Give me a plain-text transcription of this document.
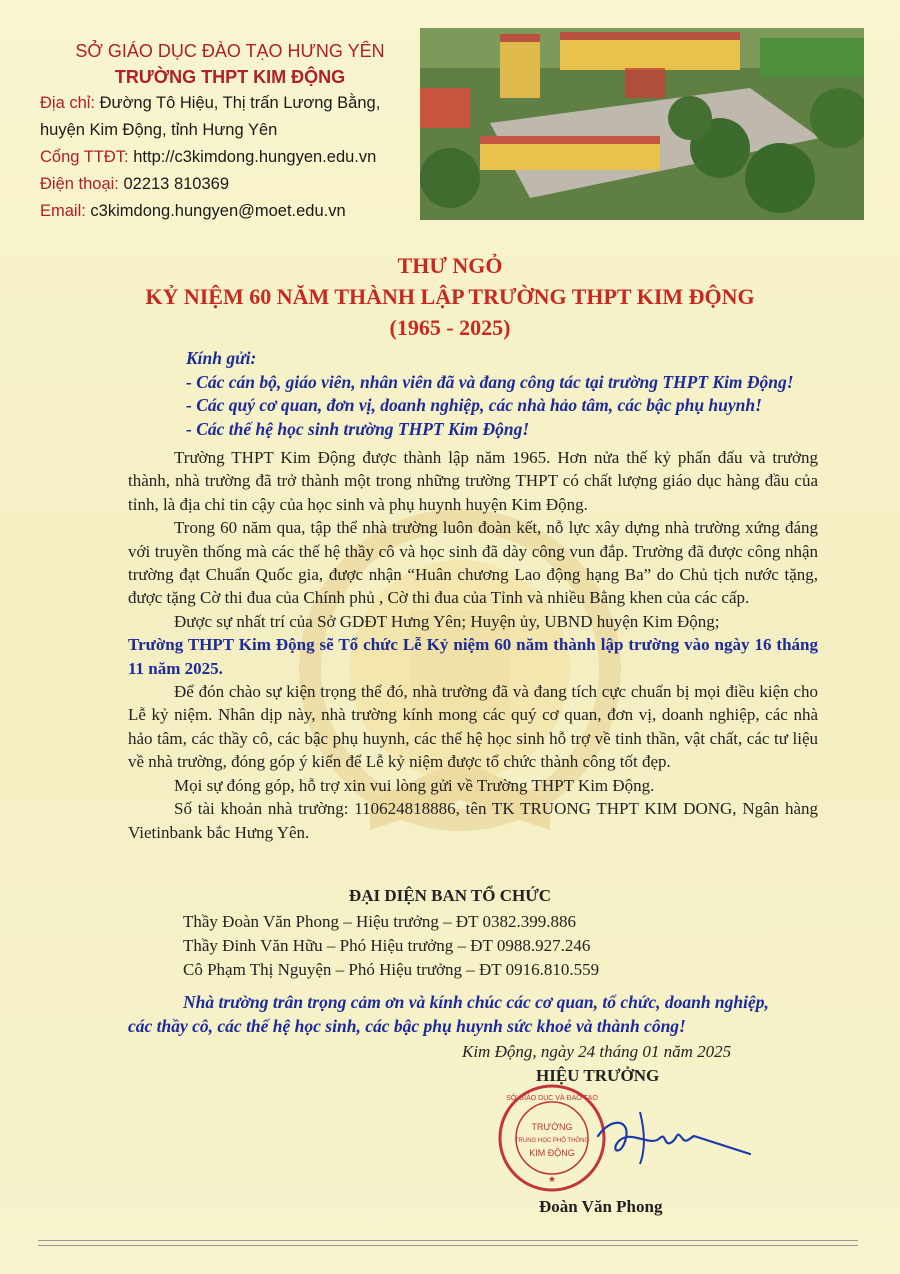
SỞ GIÁO DỤC ĐÀO TẠO HƯNG YÊN
TRƯỜNG THPT KIM ĐỘNG
Địa chỉ: Đường Tô Hiệu, Thị trấn Lương Bằng,
huyện Kim Động, tỉnh Hưng Yên
Cổng TTĐT: http://c3kimdong.hungyen.edu.vn
Điện thoại: 02213 810369
Email: c3kimdong.hungyen@moet.edu.vn
THƯ NGỎ
KỶ NIỆM 60 NĂM THÀNH LẬP TRƯỜNG THPT KIM ĐỘNG
(1965 - 2025)
Kính gửi:
- Các cán bộ, giáo viên, nhân viên đã và đang công tác tại trường THPT Kim Động!
- Các quý cơ quan, đơn vị, doanh nghiệp, các nhà hảo tâm, các bậc phụ huynh!
- Các thế hệ học sinh trường THPT Kim Động!

Trường THPT Kim Động được thành lập năm 1965. Hơn nửa thế kỷ phấn đấu và trưởng thành, nhà trường đã trở thành một trong những trường THPT có chất lượng giáo dục hàng đầu của tỉnh, là địa chỉ tin cậy của học sinh và phụ huynh huyện Kim Động.

Trong 60 năm qua, tập thể nhà trường luôn đoàn kết, nỗ lực xây dựng nhà trường xứng đáng với truyền thống mà các thế hệ thầy cô và học sinh đã dày công vun đắp. Trường đã được công nhận trường đạt Chuẩn Quốc gia, được nhận “Huân chương Lao động hạng Ba” do Chủ tịch nước tặng, được tặng Cờ thi đua của Chính phủ , Cờ thi đua của Tỉnh và nhiều Bằng khen của các cấp.

Được sự nhất trí của Sở GDĐT Hưng Yên; Huyện ủy, UBND huyện Kim Động;

Trường THPT Kim Động sẽ Tổ chức Lễ Kỷ niệm 60 năm thành lập trường vào ngày 16 tháng 11 năm 2025.

Để đón chào sự kiện trọng thể đó, nhà trường đã và đang tích cực chuẩn bị mọi điều kiện cho Lễ kỷ niệm. Nhân dịp này, nhà trường kính mong các quý cơ quan, đơn vị, doanh nghiệp, các nhà hảo tâm, các thầy cô, các bậc phụ huynh, các thế hệ học sinh hỗ trợ về tinh thần, vật chất, các tư liệu về nhà trường, đóng góp ý kiến để Lễ kỷ niệm được tổ chức thành công tốt đẹp.

Mọi sự đóng góp, hỗ trợ xin vui lòng gửi về Trường THPT Kim Động.

Số tài khoản nhà trường: 110624818886, tên TK TRUONG THPT KIM DONG, Ngân hàng Vietinbank bắc Hưng Yên.

ĐẠI DIỆN BAN TỔ CHỨC
Thầy Đoàn Văn Phong – Hiệu trưởng – ĐT 0382.399.886
Thầy Đinh Văn Hữu – Phó Hiệu trưởng – ĐT 0988.927.246
Cô Phạm Thị Nguyện – Phó Hiệu trưởng – ĐT 0916.810.559
Nhà trường trân trọng cảm ơn và kính chúc các cơ quan, tổ chức, doanh nghiệp,
các thầy cô, các thế hệ học sinh, các bậc phụ huynh sức khoẻ và thành công!
Kim Động, ngày 24 tháng 01 năm 2025
HIỆU TRƯỞNG
SỞ GIÁO DỤC VÀ ĐÀO TẠO
TRƯỜNG
TRUNG HỌC PHỔ THÔNG
KIM ĐỘNG
★
Đoàn Văn Phong
